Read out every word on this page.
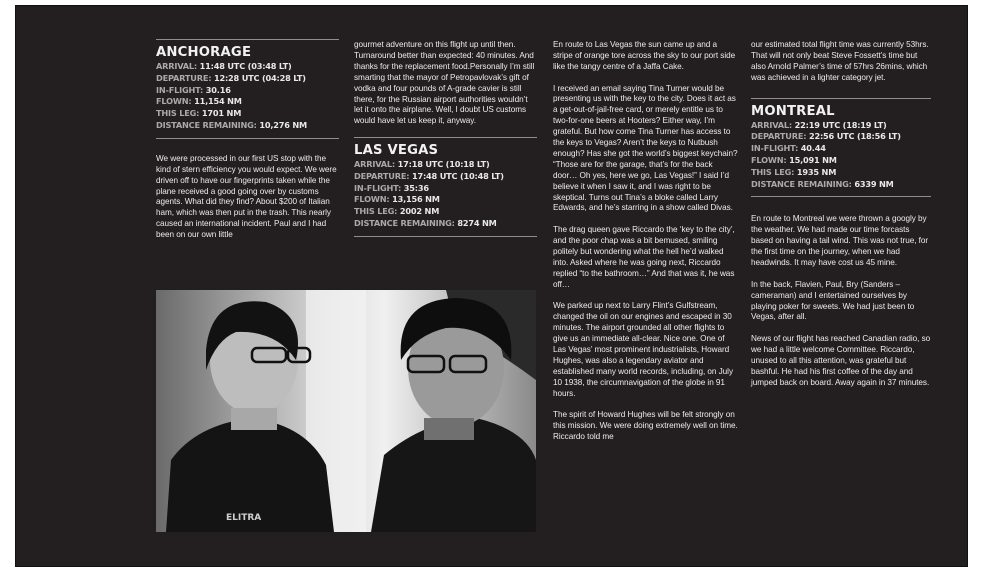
ANCHORAGE
ARRIVAL: 11:48 UTC (03:48 LT)
DEPARTURE: 12:28 UTC (04:28 LT)
IN-FLIGHT: 30.16
FLOWN: 11,154 NM
THIS LEG: 1701 NM
DISTANCE REMAINING: 10,276 NM

We were processed in our first US stop with the kind of stern efficiency you would expect. We were driven off to have our fingerprints taken while the plane received a good going over by customs agents. What did they find? About $200 of Italian ham, which was then put in the trash. This nearly caused an international incident. Paul and I had been on our own little

gourmet adventure on this flight up until then. Turnaround better than expected: 40 minutes. And thanks for the replacement food.Personally I’m still smarting that the mayor of Petropavlovak’s gift of vodka and four pounds of A-grade cavier is still there, for the Russian airport authorities wouldn’t let it onto the airplane. Well, I doubt US customs would have let us keep it, anyway.

LAS VEGAS
ARRIVAL: 17:18 UTC (10:18 LT)
DEPARTURE: 17:48 UTC (10:48 LT)
IN-FLIGHT: 35:36
FLOWN: 13,156 NM
THIS LEG: 2002 NM
DISTANCE REMAINING: 8274 NM
ELITRA

En route to Las Vegas the sun came up and a stripe of orange tore across the sky to our port side like the tangy centre of a Jaffa Cake.

I received an email saying Tina Turner would be presenting us with the key to the city. Does it act as a get-out-of-jail-free card, or merely entitle us to two-for-one beers at Hooters? Either way, I’m grateful. But how come Tina Turner has access to the keys to Vegas? Aren’t the keys to Nutbush enough? Has she got the world’s biggest keychain? “Those are for the garage, that’s for the back door… Oh yes, here we go, Las Vegas!” I said I’d believe it when I saw it, and I was right to be skeptical. Turns out Tina’s a bloke called Larry Edwards, and he’s starring in a show called Divas.

The drag queen gave Riccardo the ‘key to the city’, and the poor chap was a bit bemused, smiling politely but wondering what the hell he’d walked into. Asked where he was going next, Riccardo replied “to the bathroom…” And that was it, he was off…

We parked up next to Larry Flint’s Gulfstream, changed the oil on our engines and escaped in 30 minutes. The airport grounded all other flights to give us an immediate all-clear. Nice one. One of Las Vegas’ most prominent industrialists, Howard Hughes, was also a legendary aviator and established many world records, including, on July 10 1938, the circumnavigation of the globe in 91 hours.

The spirit of Howard Hughes will be felt strongly on this mission. We were doing extremely well on time. Riccardo told me

our estimated total flight time was currently 53hrs. That will not only beat Steve Fossett’s time but also Arnold Palmer’s time of 57hrs 26mins, which was achieved in a lighter category jet.

MONTREAL
ARRIVAL: 22:19 UTC (18:19 LT)
DEPARTURE: 22:56 UTC (18:56 LT)
IN-FLIGHT: 40.44
FLOWN: 15,091 NM
THIS LEG: 1935 NM
DISTANCE REMAINING: 6339 NM

En route to Montreal we were thrown a googly by the weather. We had made our time forcasts based on having a tail wind. This was not true, for the first time on the journey, when we had headwinds. It may have cost us 45 mine.

In the back, Flavien, Paul, Bry (Sanders – cameraman) and I entertained ourselves by playing poker for sweets. We had just been to Vegas, after all.

News of our flight has reached Canadian radio, so we had a little welcome Committee. Riccardo, unused to all this attention, was grateful but bashful. He had his first coffee of the day and jumped back on board. Away again in 37 minutes.
